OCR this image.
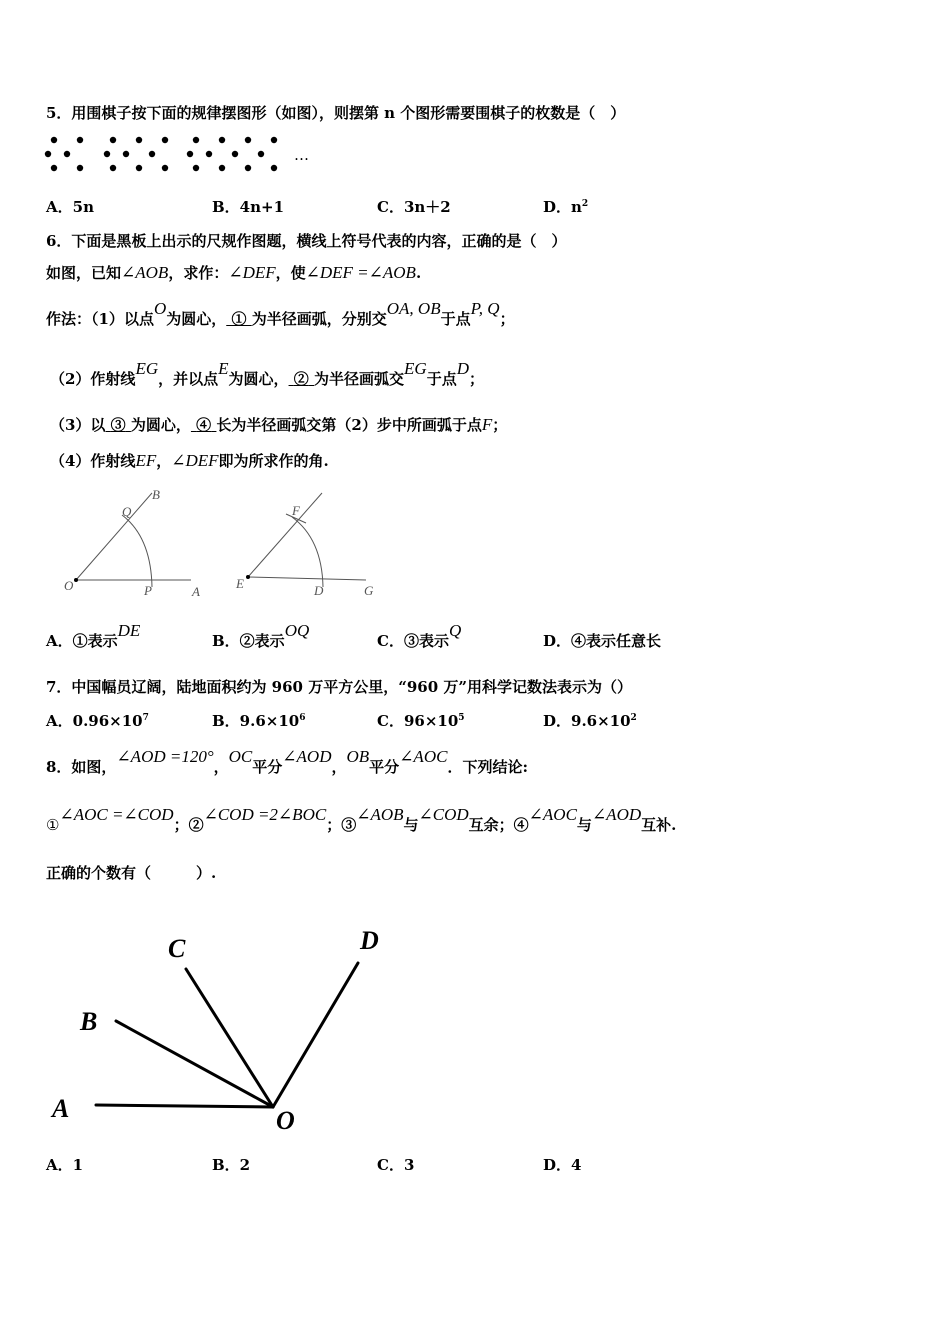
5．用围棋子按下面的规律摆图形（如图），则摆第 n 个图形需要围棋子的枚数是（　）
…
A．5n	B．4n+1	C．3n＋2	D．$n^2$
6．下面是黑板上出示的尺规作图题，横线上符号代表的内容，正确的是（　）
如图，已知∠AOB，求作：∠DEF，使∠DEF =∠AOB.
作法：（1）以点O为圆心， ① 为半径画弧，分别交OA, OB于点P, Q；
（2）作射线EG，并以点E为圆心， ② 为半径画弧交EG于点D；
（3）以 ③ 为圆心， ④ 长为半径画弧交第（2）步中所画弧于点F；
（4）作射线EF，∠DEF即为所求作的角.
B
Q
O	P	A
F
E	D	G
A．①表示DE
B．②表示OQ
C．③表示Q
D．④表示任意长
7．中国幅员辽阔，陆地面积约为 960 万平方公里，“960 万”用科学记数法表示为（）
A．$0.96\times 10^7$	B．$9.6\times 10^6$	C．$96\times 10^5$	D．$9.6\times 10^2$
8．如图，∠AOD =120°，OC平分∠AOD，OB平分∠AOC．下列结论:
①∠AOC =∠COD；②∠COD =2∠BOC；③∠AOB与∠COD互余；④∠AOC与∠AOD互补.
正确的个数有（　　　）.
A
B
C	D
O
A．1	B．2	C．3	D．4
